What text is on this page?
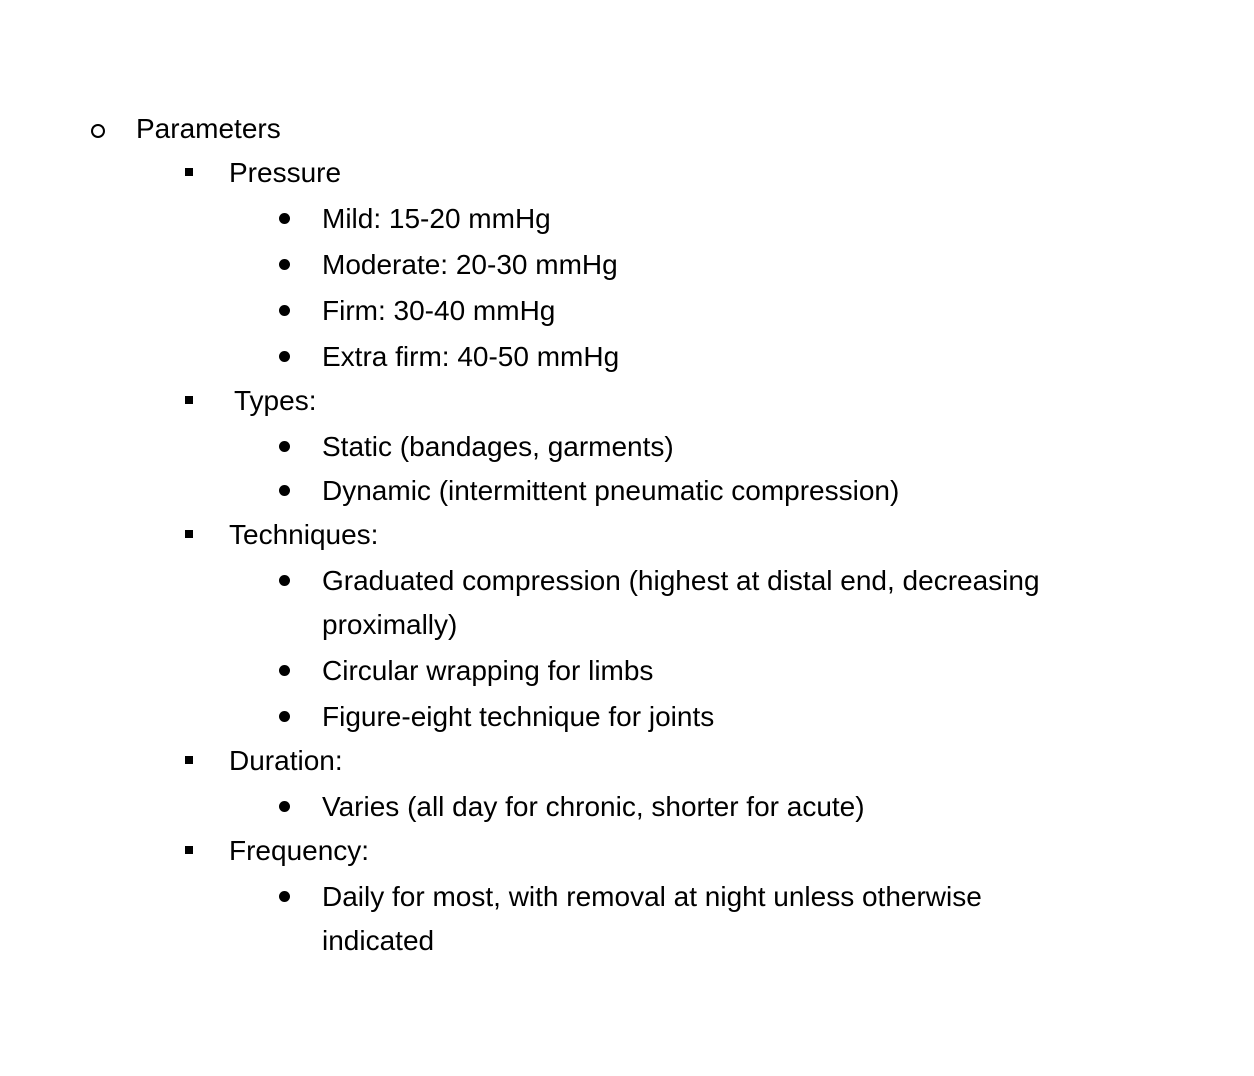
Parameters
Pressure
Mild: 15-20 mmHg
Moderate: 20-30 mmHg
Firm: 30-40 mmHg
Extra firm: 40-50 mmHg
Types:
Static (bandages, garments)
Dynamic (intermittent pneumatic compression)
Techniques:
Graduated compression (highest at distal end, decreasing
proximally)
Circular wrapping for limbs
Figure-eight technique for joints
Duration:
Varies (all day for chronic, shorter for acute)
Frequency:
Daily for most, with removal at night unless otherwise
indicated
